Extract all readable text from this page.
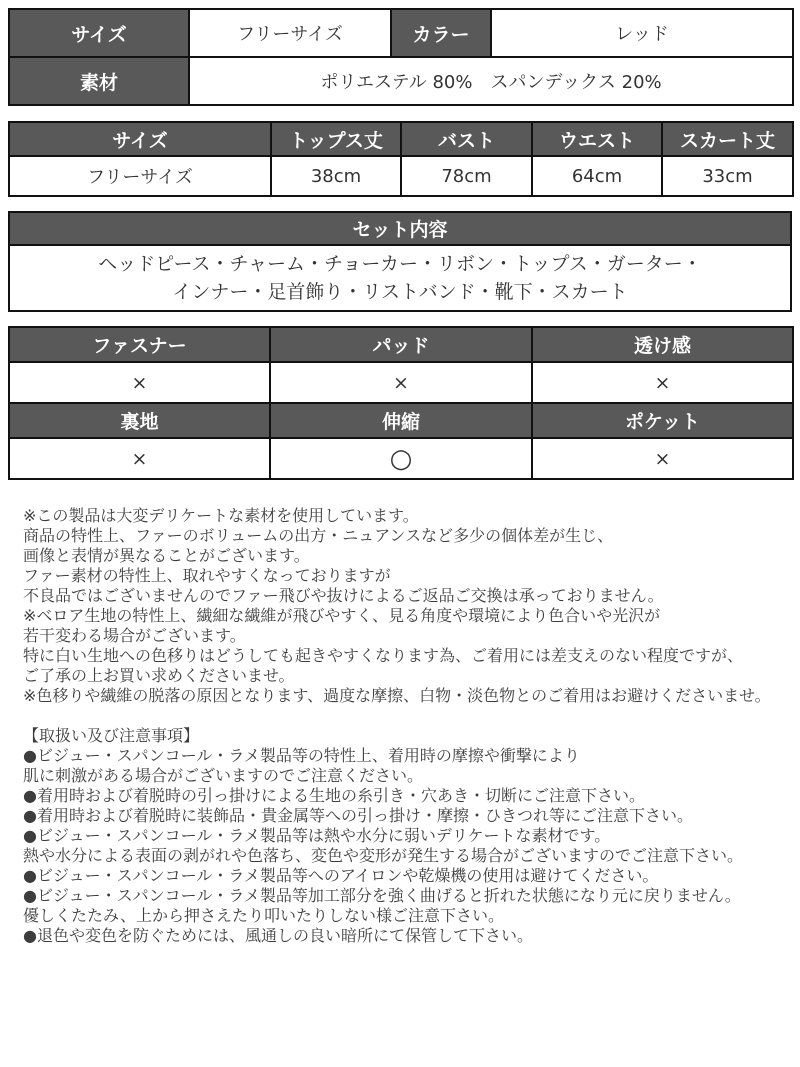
サイズ	フリーサイズ	カラー	レッド
素材	ポリエステル 80%　スパンデックス 20%		
サイズ	トップス丈	バスト	ウエスト	スカート丈
フリーサイズ	38cm	78cm	64cm	33cm
セット内容

ヘッドピース・チャーム・チョーカー・リボン・トップス・ガーター・
インナー・足首飾り・リストバンド・靴下・スカート
ファスナー	パッド	透け感
×	×	×
裏地	伸縮	ポケット
×	○	×
※この製品は大変デリケートな素材を使用しています。
商品の特性上、ファーのボリュームの出方・ニュアンスなど多少の個体差が生じ、
画像と表情が異なることがございます。
ファー素材の特性上、取れやすくなっておりますが
不良品ではございませんのでファー飛びや抜けによるご返品ご交換は承っておりません。
※ベロア生地の特性上、繊細な繊維が飛びやすく、見る角度や環境により色合いや光沢が
若干変わる場合がございます。
特に白い生地への色移りはどうしても起きやすくなります為、ご着用には差支えのない程度ですが、
ご了承の上お買い求めくださいませ。
※色移りや繊維の脱落の原因となります、過度な摩擦、白物・淡色物とのご着用はお避けくださいませ。
【取扱い及び注意事項】
●ビジュー・スパンコール・ラメ製品等の特性上、着用時の摩擦や衝撃により
肌に刺激がある場合がございますのでご注意ください。
●着用時および着脱時の引っ掛けによる生地の糸引き・穴あき・切断にご注意下さい。
●着用時および着脱時に装飾品・貴金属等への引っ掛け・摩擦・ひきつれ等にご注意下さい。
●ビジュー・スパンコール・ラメ製品等は熱や水分に弱いデリケートな素材です。
熱や水分による表面の剥がれや色落ち、変色や変形が発生する場合がございますのでご注意下さい。
●ビジュー・スパンコール・ラメ製品等へのアイロンや乾燥機の使用は避けてください。
●ビジュー・スパンコール・ラメ製品等加工部分を強く曲げると折れた状態になり元に戻りません。
優しくたたみ、上から押さえたり叩いたりしない様ご注意下さい。
●退色や変色を防ぐためには、風通しの良い暗所にて保管して下さい。
